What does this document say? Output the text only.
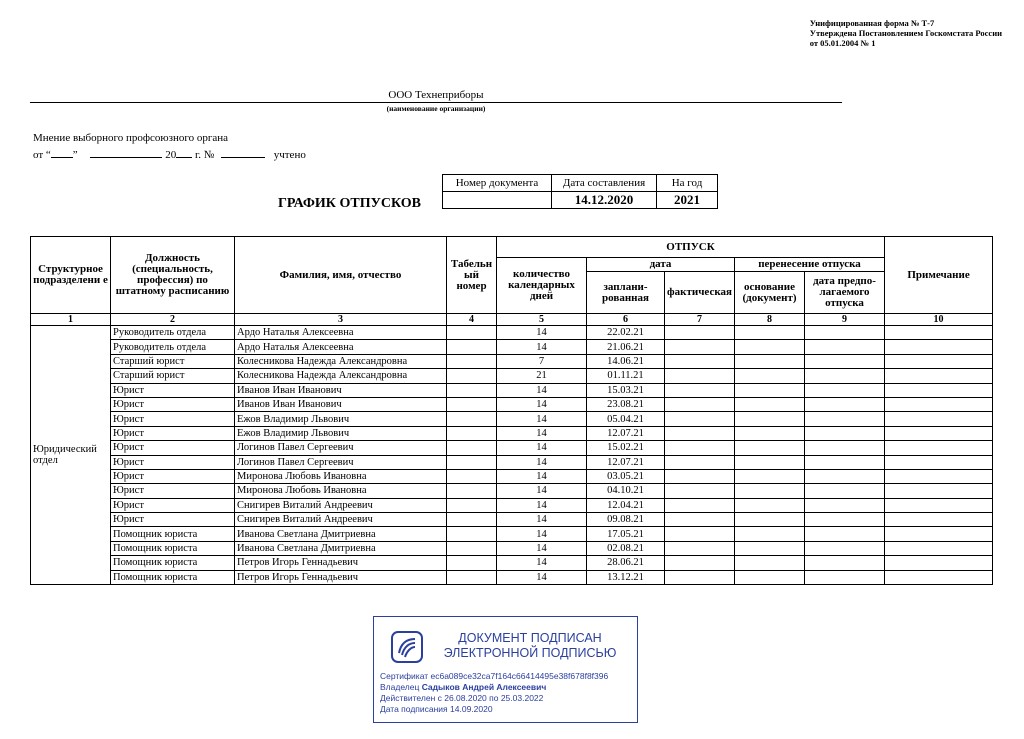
Унифицированная форма № Т-7
Утверждена Постановлением Госкомстата России
от 05.01.2004 № 1
ООО Технеприборы
(наименование организации)
Мнение выборного профсоюзного органа
от “ ”	20 г. №	учтено
ГРАФИК ОТПУСКОВ
Номер документа	Дата составления	На год
	14.12.2020	2021
Структурное подразделени е	Должность (специальность, профессия) по штатному расписанию	Фамилия, имя, отчество	Табельн ый номер	ОТПУСК					Примечание
				количество календарных дней	дата		перенесение отпуска		
					заплани-рованная	фактическая	основание (документ)	дата предпо-лагаемого отпуска	
1	2	3	4	5	6	7	8	9	10
Юридический отдел	Руководитель отдела	Ардо Наталья Алексеевна		14	22.02.21				
	Руководитель отдела	Ардо Наталья Алексеевна		14	21.06.21				
	Старший юрист	Колесникова Надежда Александровна		7	14.06.21				
	Старший юрист	Колесникова Надежда Александровна		21	01.11.21				
	Юрист	Иванов Иван Иванович		14	15.03.21				
	Юрист	Иванов Иван Иванович		14	23.08.21				
	Юрист	Ежов Владимир Львович		14	05.04.21				
	Юрист	Ежов Владимир Львович		14	12.07.21				
	Юрист	Логинов Павел Сергеевич		14	15.02.21				
	Юрист	Логинов Павел Сергеевич		14	12.07.21				
	Юрист	Миронова Любовь Ивановна		14	03.05.21				
	Юрист	Миронова Любовь Ивановна		14	04.10.21				
	Юрист	Снигирев Виталий Андреевич		14	12.04.21				
	Юрист	Снигирев Виталий Андреевич		14	09.08.21				
	Помощник юриста	Иванова Светлана Дмитриевна		14	17.05.21				
	Помощник юриста	Иванова Светлана Дмитриевна		14	02.08.21				
	Помощник юриста	Петров Игорь Геннадьевич		14	28.06.21				
	Помощник юриста	Петров Игорь Геннадьевич		14	13.12.21				
ДОКУМЕНТ ПОДПИСАН
ЭЛЕКТРОННОЙ ПОДПИСЬЮ
Сертификат ec6a089ce32ca7f164c66414495e38f678f8f396
Владелец Садыков Андрей Алексеевич
Действителен с 26.08.2020 по 25.03.2022
Дата подписания 14.09.2020
